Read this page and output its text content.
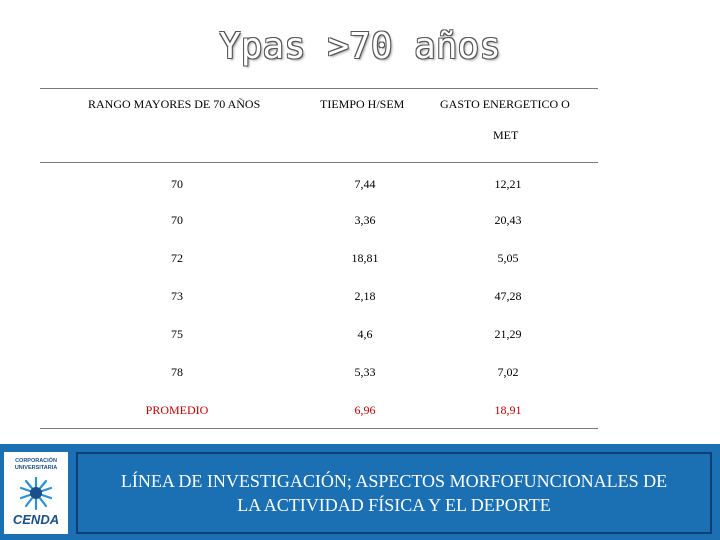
Ypas >70 años
RANGO MAYORES DE 70 AÑOS	TIEMPO H/SEM	GASTO ENERGETICO O
MET
70	7,44	12,21
70	3,36	20,43
72	18,81	5,05
73	2,18	47,28
75	4,6	21,29
78	5,33	7,02
PROMEDIO	6,96	18,91
CORPORACIÓN
UNIVERSITARIA
CENDA
LÍNEA DE INVESTIGACIÓN; ASPECTOS MORFOFUNCIONALES DE
LA ACTIVIDAD FÍSICA Y EL DEPORTE
